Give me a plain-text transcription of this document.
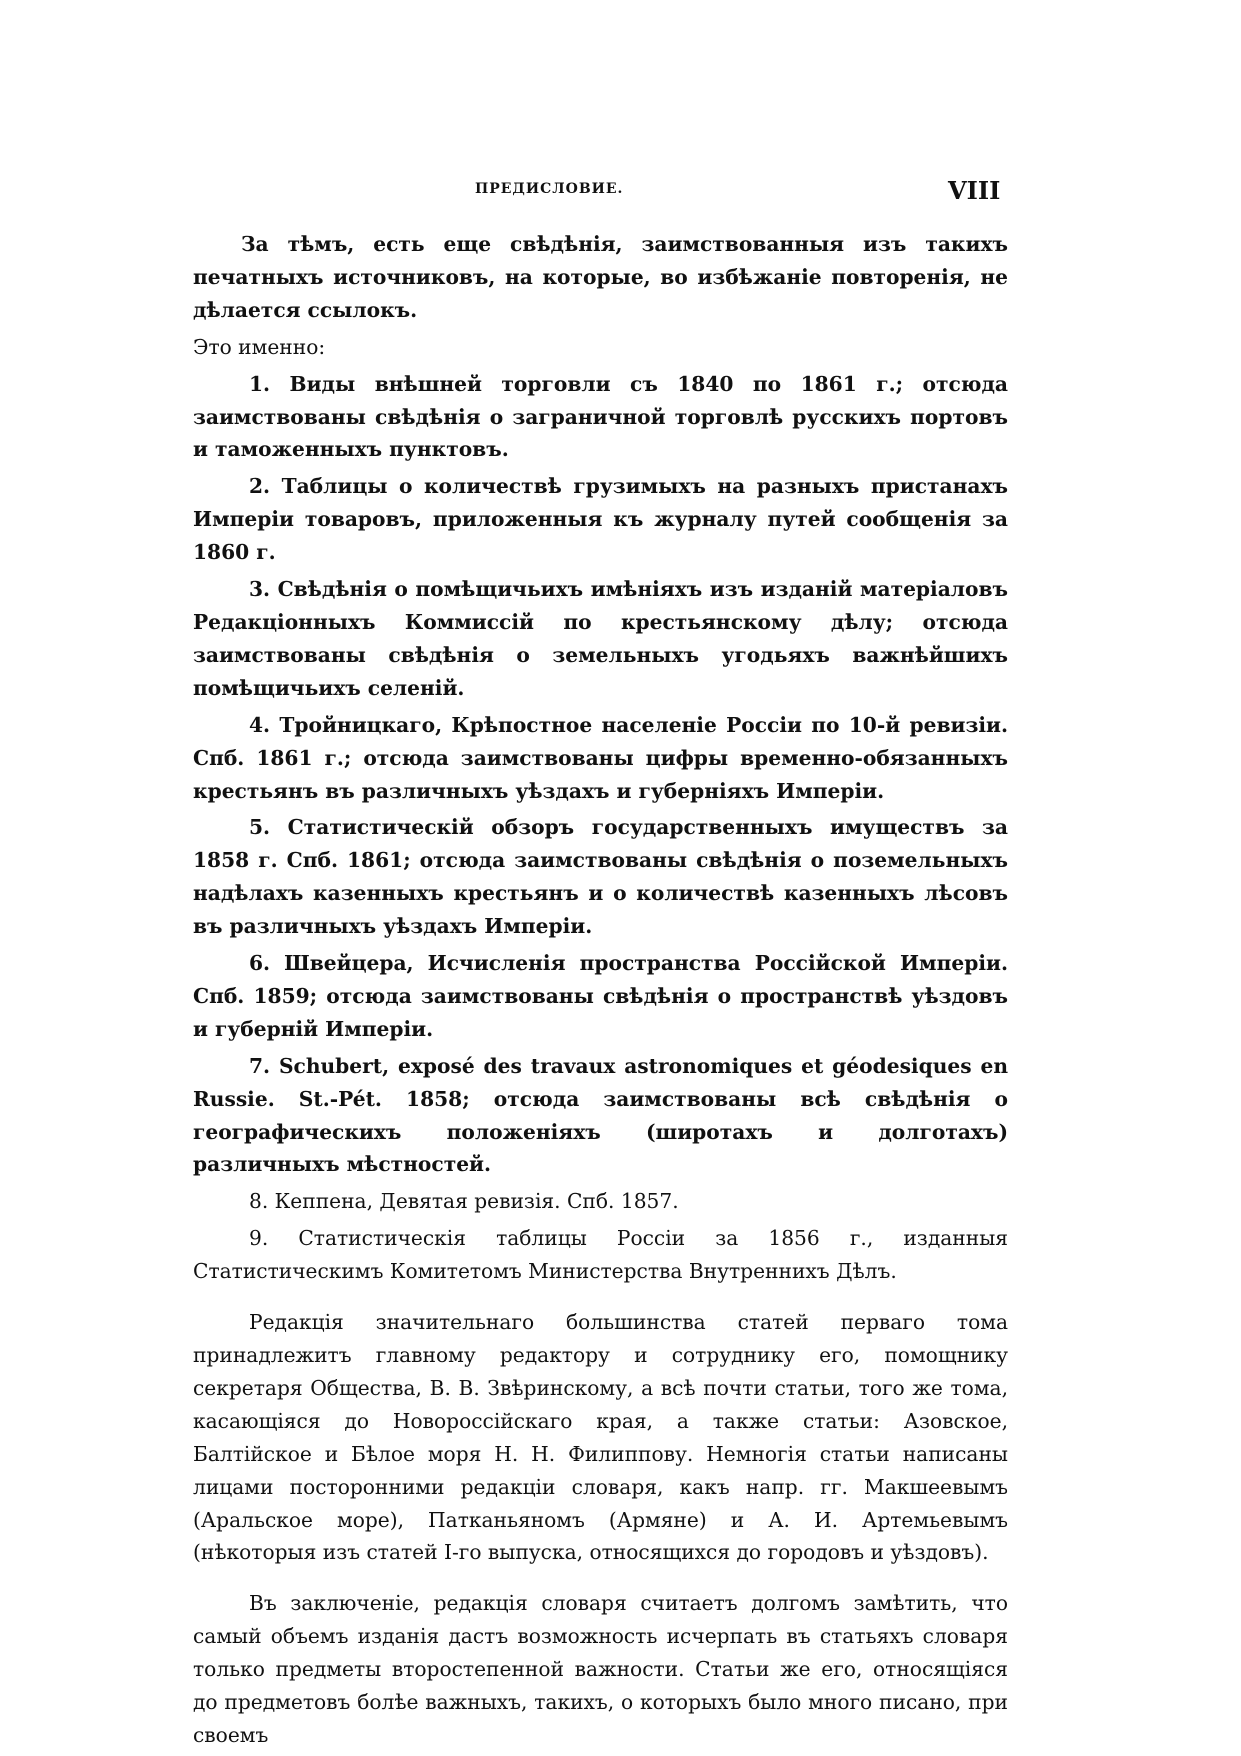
ПРЕДИСЛОВИЕ.	VIII

За тѣмъ, есть еще свѣдѣнія, заимствованныя изъ такихъ печатныхъ источниковъ, на которые, во избѣжаніе повторенія, не дѣлается ссылокъ.

Это именно:

1. Виды внѣшней торговли съ 1840 по 1861 г.; отсюда заимствованы свѣдѣнія о заграничной торговлѣ русскихъ портовъ и таможенныхъ пунктовъ.

2. Таблицы о количествѣ грузимыхъ на разныхъ пристанахъ Имперіи товаровъ, приложенныя къ журналу путей сообщенія за 1860 г.

3. Свѣдѣнія о помѣщичьихъ имѣніяхъ изъ изданій матеріаловъ Редакціонныхъ Коммиссій по крестьянскому дѣлу; отсюда заимствованы свѣдѣнія о земельныхъ угодьяхъ важнѣйшихъ помѣщичьихъ селеній.

4. Тройницкаго, Крѣпостное населеніе Россіи по 10-й ревизіи. Спб. 1861 г.; отсюда заимствованы цифры временно-обязанныхъ крестьянъ въ различныхъ уѣздахъ и губерніяхъ Имперіи.

5. Статистическій обзоръ государственныхъ имуществъ за 1858 г. Спб. 1861; отсюда заимствованы свѣдѣнія о поземельныхъ надѣлахъ казенныхъ крестьянъ и о количествѣ казенныхъ лѣсовъ въ различныхъ уѣздахъ Имперіи.

6. Швейцера, Исчисленія пространства Россійской Имперіи. Спб. 1859; отсюда заимствованы свѣдѣнія о пространствѣ уѣздовъ и губерній Имперіи.

7. Schubert, exposé des travaux astronomiques et géodesiques en Russie. St.-Pét. 1858; отсюда заимствованы всѣ свѣдѣнія о географическихъ положеніяхъ (широтахъ и долготахъ) различныхъ мѣстностей.

8. Кеппена, Девятая ревизія. Спб. 1857.

9. Статистическія таблицы Россіи за 1856 г., изданныя Статистическимъ Комитетомъ Министерства Внутреннихъ Дѣлъ.

Редакція значительнаго большинства статей перваго тома принадлежитъ главному редактору и сотруднику его, помощнику секретаря Общества, В. В. Звѣринскому, а всѣ почти статьи, того же тома, касающіяся до Новороссійскаго края, а также статьи: Азовское, Балтійское и Бѣлое моря Н. Н. Филиппову. Немногія статьи написаны лицами посторонними редакціи словаря, какъ напр. гг. Макшеевымъ (Аральское море), Патканьяномъ (Армяне) и А. И. Артемьевымъ (нѣкоторыя изъ статей I-го выпуска, относящихся до городовъ и уѣздовъ).

Въ заключеніе, редакція словаря считаетъ долгомъ замѣтить, что самый объемъ изданія дастъ возможность исчерпать въ статьяхъ словаря только предметы второстепенной важности. Статьи же его, относящіяся до предметовъ болѣе важныхъ, такихъ, о которыхъ было много писано, при своемъ
